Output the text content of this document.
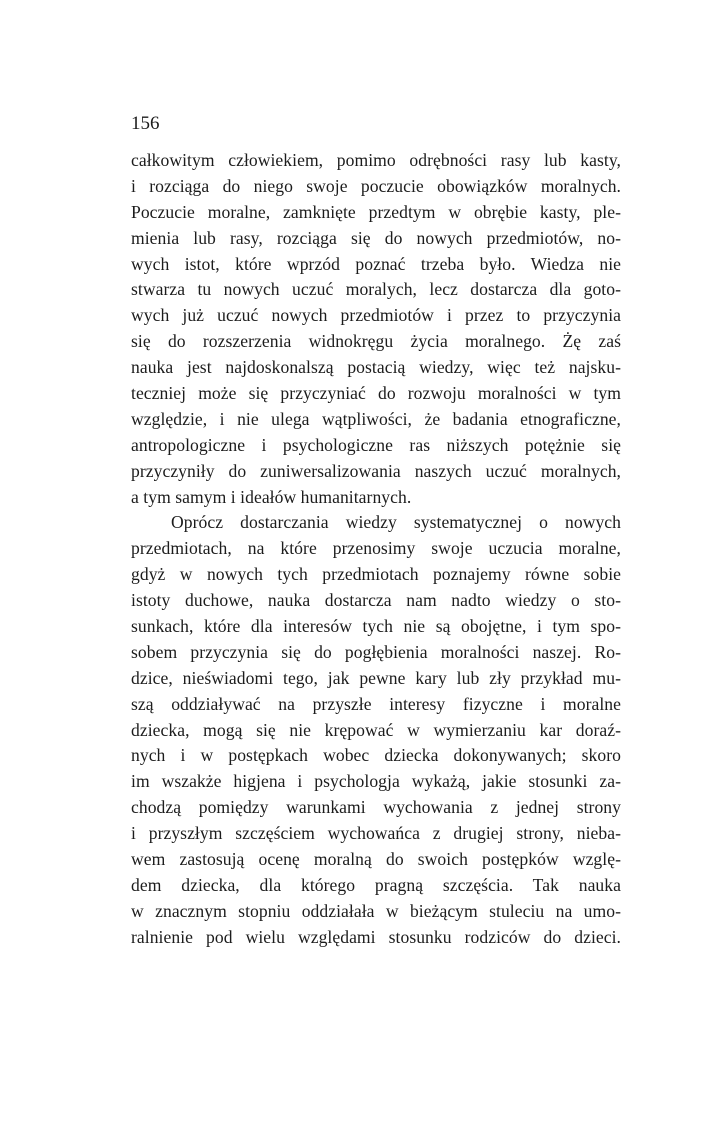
156
całkowitym człowiekiem, pomimo odrębności rasy lub kasty,
i rozciąga do niego swoje poczucie obowiązków moralnych.
Poczucie moralne, zamknięte przedtym w obrębie kasty, ple-
mienia lub rasy, rozciąga się do nowych przedmiotów, no-
wych istot, które wprzód poznać trzeba było. Wiedza nie
stwarza tu nowych uczuć moralych, lecz dostarcza dla goto-
wych już uczuć nowych przedmiotów i przez to przyczynia
się do rozszerzenia widnokręgu życia moralnego. Żę zaś
nauka jest najdoskonalszą postacią wiedzy, więc też najsku-
teczniej może się przyczyniać do rozwoju moralności w tym
względzie, i nie ulega wątpliwości, że badania etnograficzne,
antropologiczne i psychologiczne ras niższych potężnie się
przyczyniły do zuniwersalizowania naszych uczuć moralnych,
a tym samym i ideałów humanitarnych.
Oprócz dostarczania wiedzy systematycznej o nowych
przedmiotach, na które przenosimy swoje uczucia moralne,
gdyż w nowych tych przedmiotach poznajemy równe sobie
istoty duchowe, nauka dostarcza nam nadto wiedzy o sto-
sunkach, które dla interesów tych nie są obojętne, i tym spo-
sobem przyczynia się do pogłębienia moralności naszej. Ro-
dzice, nieświadomi tego, jak pewne kary lub zły przykład mu-
szą oddziaływać na przyszłe interesy fizyczne i moralne
dziecka, mogą się nie krępować w wymierzaniu kar doraź-
nych i w postępkach wobec dziecka dokonywanych; skoro
im wszakże higjena i psychologja wykażą, jakie stosunki za-
chodzą pomiędzy warunkami wychowania z jednej strony
i przyszłym szczęściem wychowańca z drugiej strony, nieba-
wem zastosują ocenę moralną do swoich postępków wzglę-
dem dziecka, dla którego pragną szczęścia. Tak nauka
w znacznym stopniu oddziałała w bieżącym stuleciu na umo-
ralnienie pod wielu względami stosunku rodziców do dzieci.
